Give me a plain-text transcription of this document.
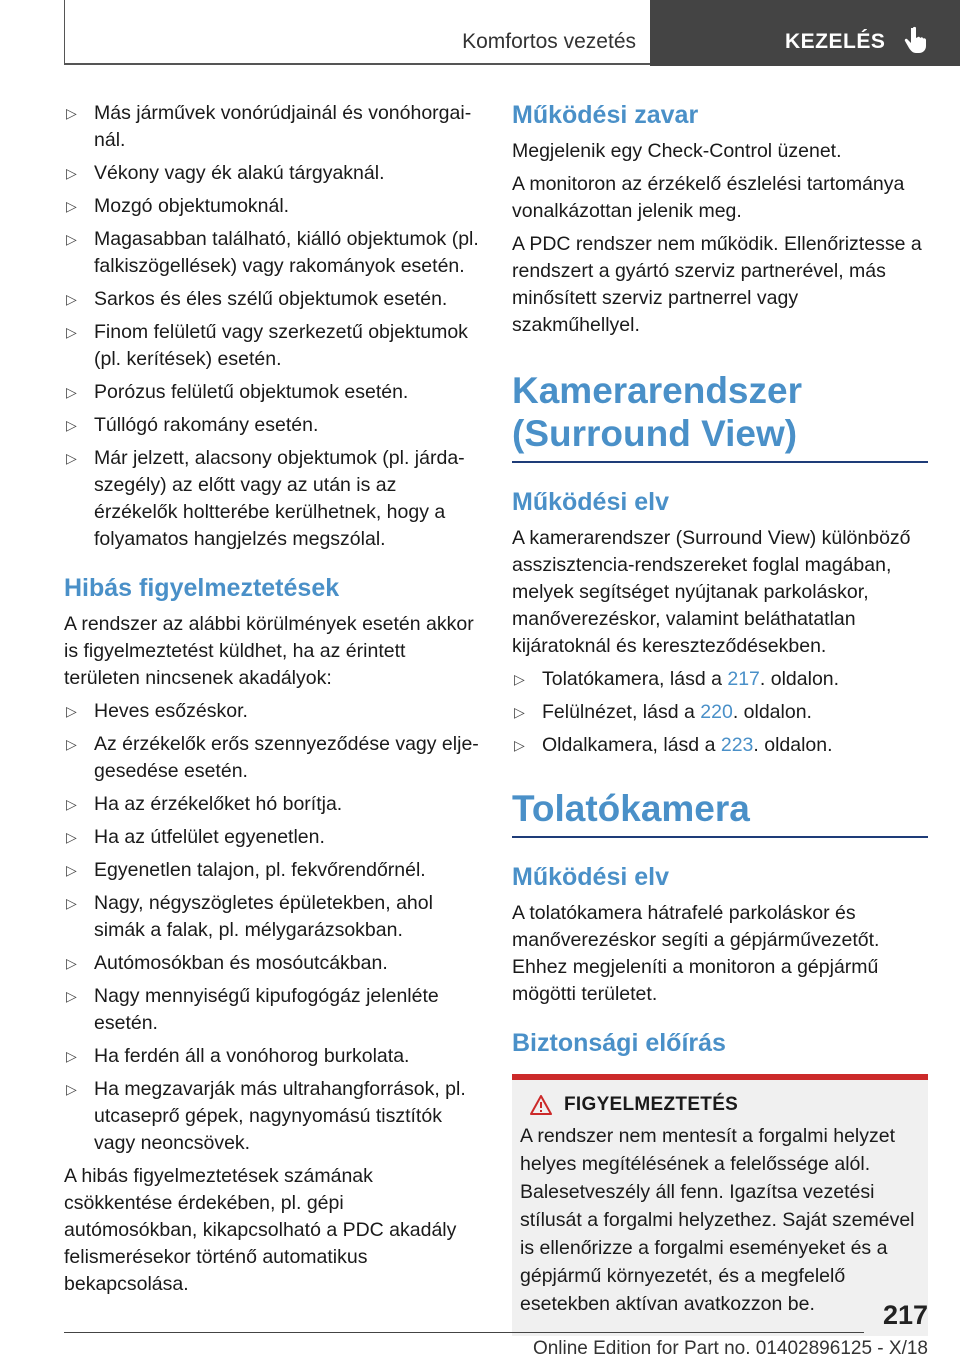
Komfortos vezetés	KEZELÉS
▷ Más járművek vonórúdjainál és vonóhorgainál.
▷ Vékony vagy ék alakú tárgyaknál.
▷ Mozgó objektumoknál.
▷ Magasabban található, kiálló objektumok (pl. falkiszögellések) vagy rakományok esetén.
▷ Sarkos és éles szélű objektumok esetén.
▷ Finom felületű vagy szerkezetű objektumok (pl. kerítések) esetén.
▷ Porózus felületű objektumok esetén.
▷ Túllógó rakomány esetén.
▷ Már jelzett, alacsony objektumok (pl. járdaszegély) az előtt vagy az után is az érzékelők holtterébe kerülhetnek, hogy a folyamatos hangjelzés megszólal.
Hibás figyelmeztetések

A rendszer az alábbi körülmények esetén akkor is figyelmeztetést küldhet, ha az érintett területen nincsenek akadályok:

▷ Heves esőzéskor.
▷ Az érzékelők erős szennyeződése vagy eljegesedése esetén.
▷ Ha az érzékelőket hó borítja.
▷ Ha az útfelület egyenetlen.
▷ Egyenetlen talajon, pl. fekvőrendőrnél.
▷ Nagy, négyszögletes épületekben, ahol simák a falak, pl. mélygarázsokban.
▷ Autómosókban és mosóutcákban.
▷ Nagy mennyiségű kipufogógáz jelenléte esetén.
▷ Ha ferdén áll a vonóhorog burkolata.
▷ Ha megzavarják más ultrahangforrások, pl. utcaseprő gépek, nagynyomású tisztítók vagy neoncsövek.

A hibás figyelmeztetések számának csökkentése érdekében, pl. gépi autómosókban, kikapcsolható a PDC akadály felismerésekor történő automatikus bekapcsolása.

Működési zavar

Megjelenik egy Check-Control üzenet.

A monitoron az érzékelő észlelési tartománya vonalkázottan jelenik meg.

A PDC rendszer nem működik. Ellenőriztesse a rendszert a gyártó szerviz partnerével, más minősített szerviz partnerrel vagy szakműhellyel.

Kamerarendszer (Surround View)
Működési elv

A kamerarendszer (Surround View) különböző asszisztencia-rendszereket foglal magában, melyek segítséget nyújtanak parkoláskor, manőverezéskor, valamint beláthatatlan kijáratoknál és kereszteződésekben.

▷ Tolatókamera, lásd a 217. oldalon.
▷ Felülnézet, lásd a 220. oldalon.
▷ Oldalkamera, lásd a 223. oldalon.
Tolatókamera
Működési elv

A tolatókamera hátrafelé parkoláskor és manőverezéskor segíti a gépjárművezetőt. Ehhez megjeleníti a monitoron a gépjármű mögötti területet.

Biztonsági előírás
FIGYELMEZTETÉS

A rendszer nem mentesít a forgalmi helyzet helyes megítélésének a felelőssége alól. Balesetveszély áll fenn. Igazítsa vezetési stílusát a forgalmi helyzethez. Saját szemével is ellenőrizze a forgalmi eseményeket és a gépjármű környezetét, és a megfelelő esetekben aktívan avatkozzon be.	217
Online Edition for Part no. 01402896125 - X/18
